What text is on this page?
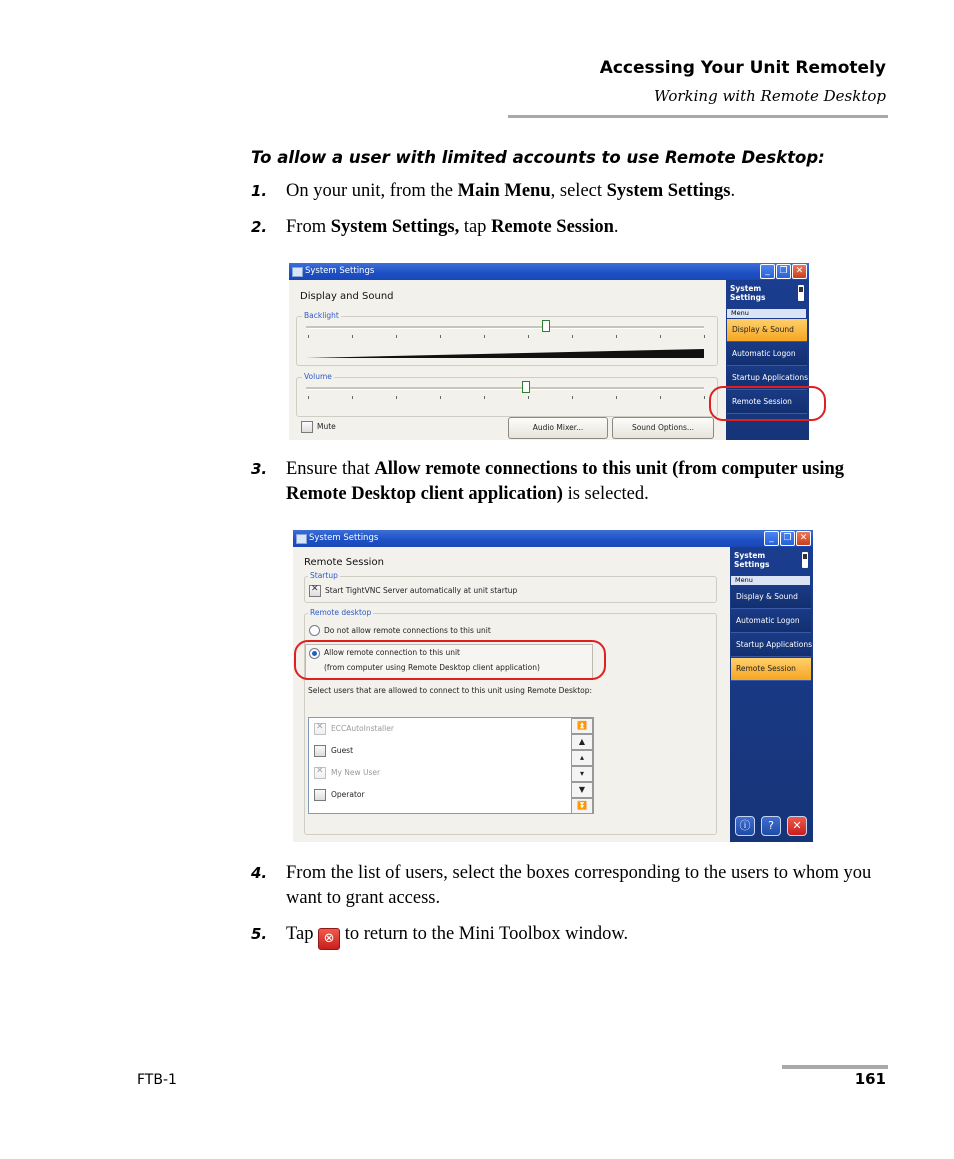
Accessing Your Unit Remotely
Working with Remote Desktop
To allow a user with limited accounts to use Remote Desktop:
1. On your unit, from the Main Menu, select System Settings.
2. From System Settings, tap Remote Session.
System Settings	_	❐ ✕
Display and Sound
Backlight
Volume
Mute	Audio Mixer...	Sound Options...
System
Settings
Menu
Display & Sound
Automatic Logon
Startup Applications
Remote Session
3. Ensure that Allow remote connections to this unit (from computer using Remote Desktop client application) is selected.
System Settings	_	❐ ✕
Remote Session
Startup
✕
Start TightVNC Server automatically at unit startup
Remote desktop
Do not allow remote connections to this unit
Allow remote connection to this unit
(from computer using Remote Desktop client application)
Select users that are allowed to connect to this unit using Remote Desktop:
✕
ECCAutoInstaller
Guest
✕
My New User
Operator
⏫
▲
▴
▾
▼
⏬
System
Settings
Menu
Display & Sound
Automatic Logon
Startup Applications
Remote Session
ⓘ	?	✕
4. From the list of users, select the boxes corresponding to the users to whom you want to grant access.
5. Tap ⊗ to return to the Mini Toolbox window.
FTB-1	161
